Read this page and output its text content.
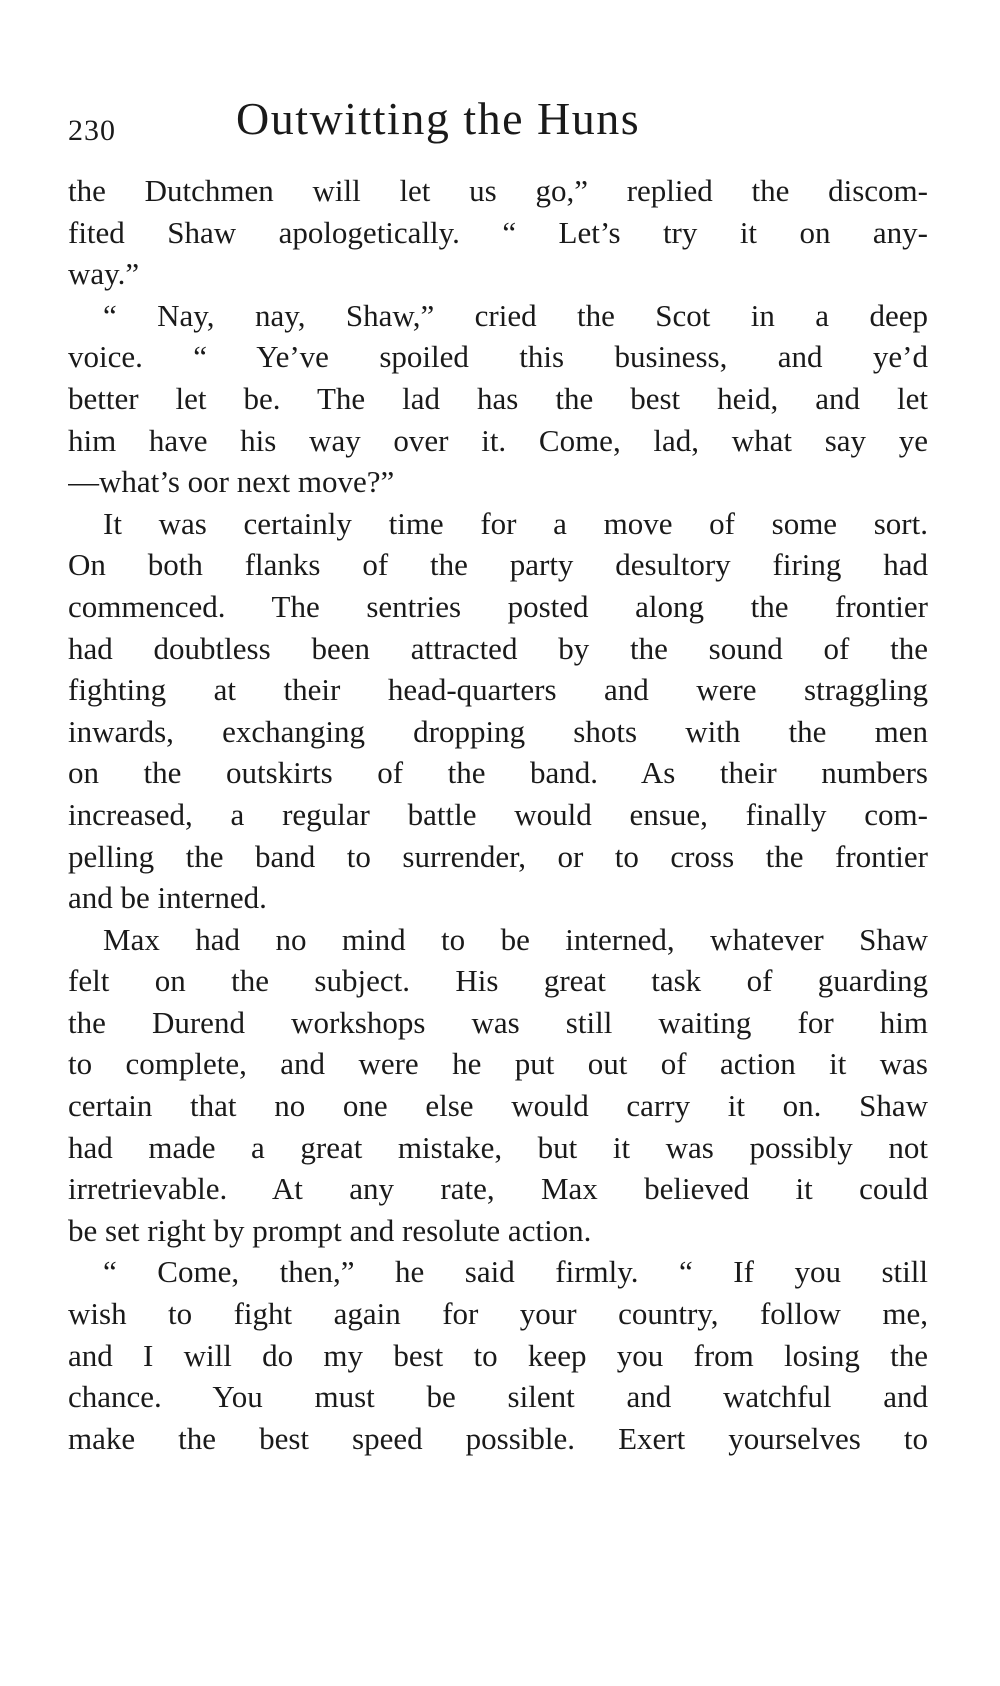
230	Outwitting the Huns
the Dutchmen will let us go,” replied the discom-
fited Shaw apologetically. “ Let’s try it on any-
way.”
“ Nay, nay, Shaw,” cried the Scot in a deep
voice. “ Ye’ve spoiled this business, and ye’d
better let be. The lad has the best heid, and let
him have his way over it. Come, lad, what say ye
—what’s oor next move?”
It was certainly time for a move of some sort.
On both flanks of the party desultory firing had
commenced. The sentries posted along the frontier
had doubtless been attracted by the sound of the
fighting at their head-quarters and were straggling
inwards, exchanging dropping shots with the men
on the outskirts of the band. As their numbers
increased, a regular battle would ensue, finally com-
pelling the band to surrender, or to cross the frontier
and be interned.
Max had no mind to be interned, whatever Shaw
felt on the subject. His great task of guarding
the Durend workshops was still waiting for him
to complete, and were he put out of action it was
certain that no one else would carry it on. Shaw
had made a great mistake, but it was possibly not
irretrievable. At any rate, Max believed it could
be set right by prompt and resolute action.
“ Come, then,” he said firmly. “ If you still
wish to fight again for your country, follow me,
and I will do my best to keep you from losing the
chance. You must be silent and watchful and
make the best speed possible. Exert yourselves to
